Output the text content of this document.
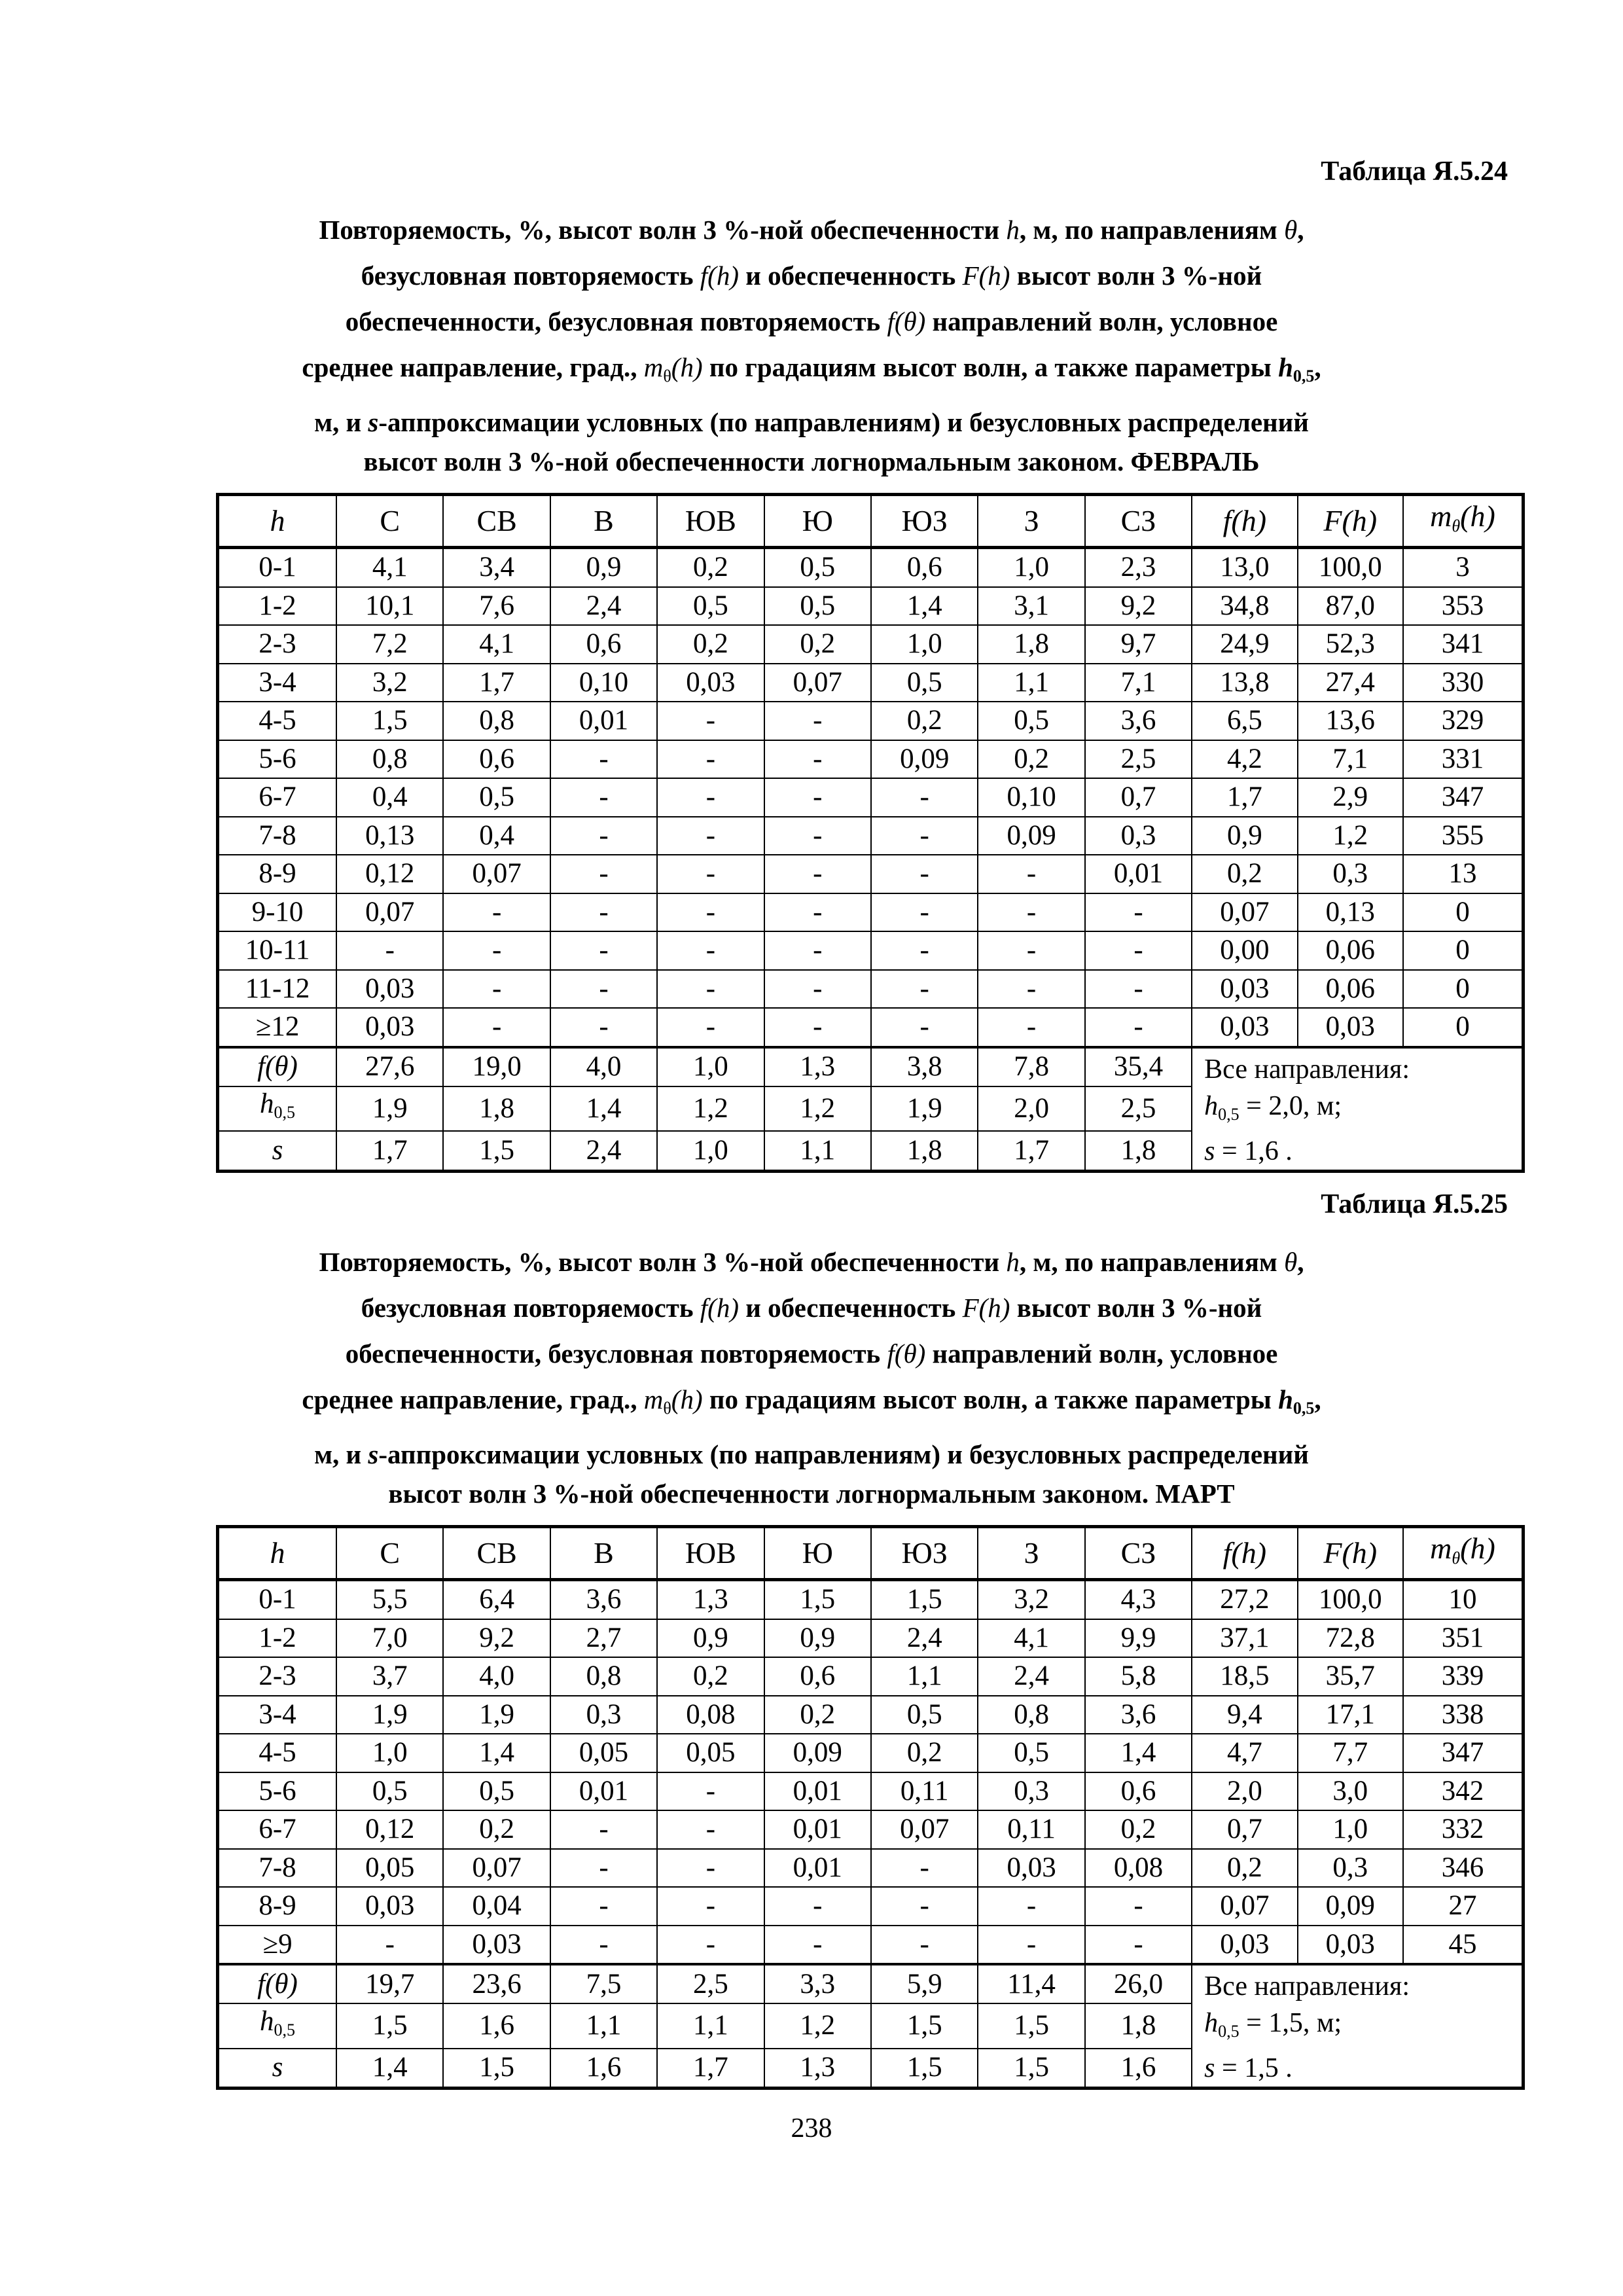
Таблица Я.5.24

Повторяемость, %, высот волн 3 %-ной обеспеченности h, м, по направлениям θ,

безусловная повторяемость f(h) и обеспеченность F(h) высот волн 3 %-ной

обеспеченности, безусловная повторяемость f(θ) направлений волн, условное

среднее направление, град., $m_\theta(h)$ по градациям высот волн, а также параметры $h_{0,5}$,

м, и s-аппроксимации условных (по направлениям) и безусловных распределений

высот волн 3 %-ной обеспеченности логнормальным законом. ФЕВРАЛЬ

h	С	СВ	В	ЮВ	Ю	ЮЗ	З	СЗ	f(h)	F(h)	$m_\theta(h)$
0-1	4,1	3,4	0,9	0,2	0,5	0,6	1,0	2,3	13,0	100,0	3
1-2	10,1	7,6	2,4	0,5	0,5	1,4	3,1	9,2	34,8	87,0	353
2-3	7,2	4,1	0,6	0,2	0,2	1,0	1,8	9,7	24,9	52,3	341
3-4	3,2	1,7	0,10	0,03	0,07	0,5	1,1	7,1	13,8	27,4	330
4-5	1,5	0,8	0,01	-	-	0,2	0,5	3,6	6,5	13,6	329
5-6	0,8	0,6	-	-	-	0,09	0,2	2,5	4,2	7,1	331
6-7	0,4	0,5	-	-	-	-	0,10	0,7	1,7	2,9	347
7-8	0,13	0,4	-	-	-	-	0,09	0,3	0,9	1,2	355
8-9	0,12	0,07	-	-	-	-	-	0,01	0,2	0,3	13
9-10	0,07	-	-	-	-	-	-	-	0,07	0,13	0
10-11	-	-	-	-	-	-	-	-	0,00	0,06	0
11-12	0,03	-	-	-	-	-	-	-	0,03	0,06	0
≥12	0,03	-	-	-	-	-	-	-	0,03	0,03	0
f(θ)	27,6	19,0	4,0	1,0	1,3	3,8	7,8	35,4	Все направления:
$h_{0,5} = 2,0$, м;
s = 1,6 .		

$h_{0,5}$	1,9	1,8	1,4	1,2	1,2	1,9	2,0	2,5			
s	1,7	1,5	2,4	1,0	1,1	1,8	1,7	1,8			
Таблица Я.5.25

Повторяемость, %, высот волн 3 %-ной обеспеченности h, м, по направлениям θ,

безусловная повторяемость f(h) и обеспеченность F(h) высот волн 3 %-ной

обеспеченности, безусловная повторяемость f(θ) направлений волн, условное

среднее направление, град., $m_\theta(h)$ по градациям высот волн, а также параметры $h_{0,5}$,

м, и s-аппроксимации условных (по направлениям) и безусловных распределений

высот волн 3 %-ной обеспеченности логнормальным законом. МАРТ

h	С	СВ	В	ЮВ	Ю	ЮЗ	З	СЗ	f(h)	F(h)	$m_\theta(h)$
0-1	5,5	6,4	3,6	1,3	1,5	1,5	3,2	4,3	27,2	100,0	10
1-2	7,0	9,2	2,7	0,9	0,9	2,4	4,1	9,9	37,1	72,8	351
2-3	3,7	4,0	0,8	0,2	0,6	1,1	2,4	5,8	18,5	35,7	339
3-4	1,9	1,9	0,3	0,08	0,2	0,5	0,8	3,6	9,4	17,1	338
4-5	1,0	1,4	0,05	0,05	0,09	0,2	0,5	1,4	4,7	7,7	347
5-6	0,5	0,5	0,01	-	0,01	0,11	0,3	0,6	2,0	3,0	342
6-7	0,12	0,2	-	-	0,01	0,07	0,11	0,2	0,7	1,0	332
7-8	0,05	0,07	-	-	0,01	-	0,03	0,08	0,2	0,3	346
8-9	0,03	0,04	-	-	-	-	-	-	0,07	0,09	27
≥9	-	0,03	-	-	-	-	-	-	0,03	0,03	45
f(θ)	19,7	23,6	7,5	2,5	3,3	5,9	11,4	26,0	Все направления:
$h_{0,5} = 1,5$, м;
s = 1,5 .		

$h_{0,5}$	1,5	1,6	1,1	1,1	1,2	1,5	1,5	1,8			
s	1,4	1,5	1,6	1,7	1,3	1,5	1,5	1,6			
238
